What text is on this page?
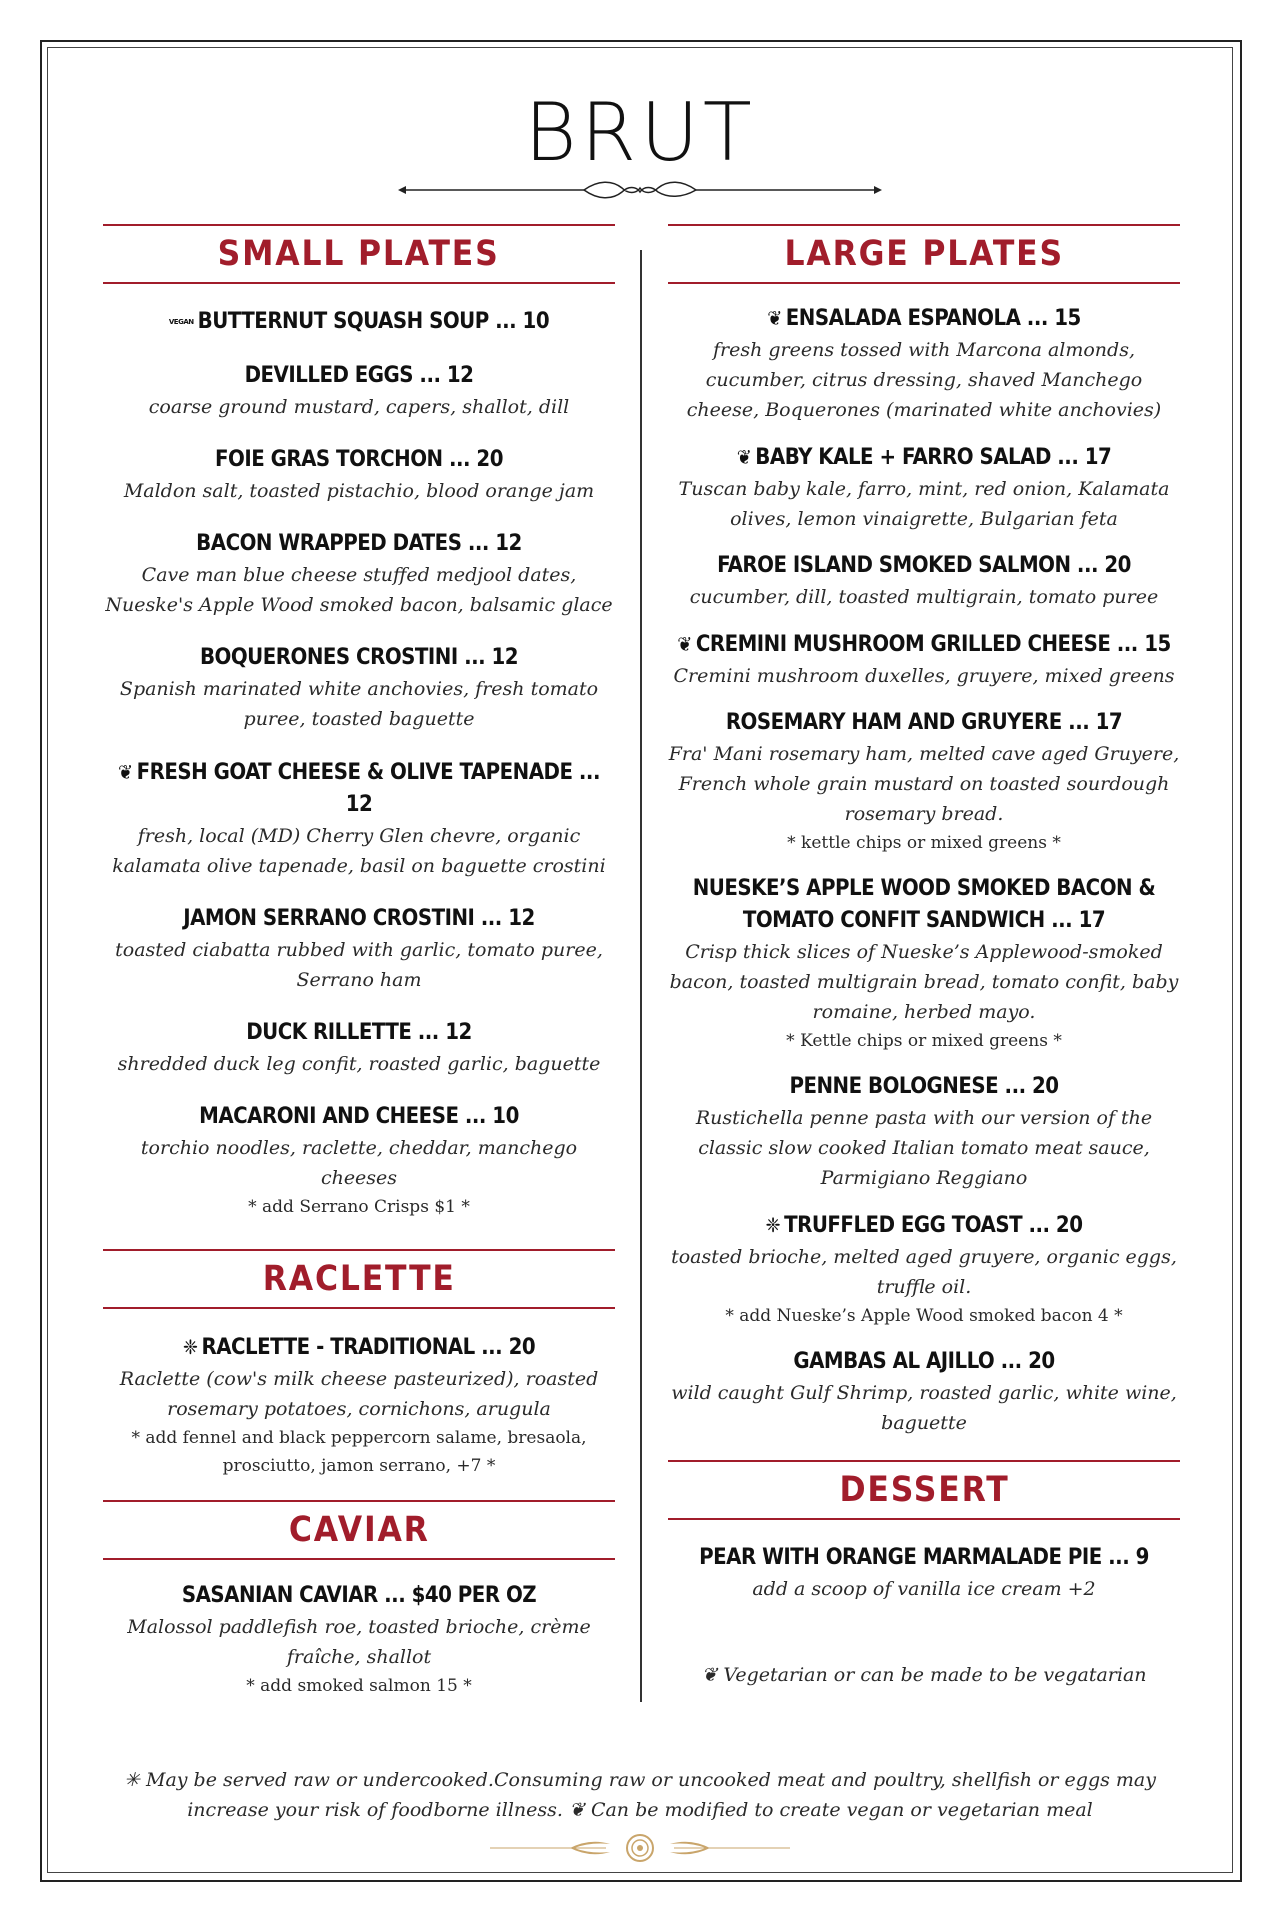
BRUT
SMALL PLATES
VEGAN BUTTERNUT SQUASH SOUP ... 10
DEVILLED EGGS ... 12
coarse ground mustard, capers, shallot, dill
FOIE GRAS TORCHON ... 20
Maldon salt, toasted pistachio, blood orange jam
BACON WRAPPED DATES ... 12
Cave man blue cheese stuffed medjool dates, Nueske's Apple Wood smoked bacon, balsamic glace
BOQUERONES CROSTINI ... 12
Spanish marinated white anchovies, fresh tomato puree, toasted baguette
❦ FRESH GOAT CHEESE & OLIVE TAPENADE ... 12
fresh, local (MD) Cherry Glen chevre, organic kalamata olive tapenade, basil on baguette crostini
JAMON SERRANO CROSTINI ... 12
toasted ciabatta rubbed with garlic, tomato puree, Serrano ham
DUCK RILLETTE ... 12
shredded duck leg confit, roasted garlic, baguette
MACARONI AND CHEESE ... 10
torchio noodles, raclette, cheddar, manchego cheeses
* add Serrano Crisps $1 *
RACLETTE
❈ RACLETTE - TRADITIONAL ... 20
Raclette (cow's milk cheese pasteurized), roasted rosemary potatoes, cornichons, arugula
* add fennel and black peppercorn salame, bresaola, prosciutto, jamon serrano, +7 *
CAVIAR
SASANIAN CAVIAR ... $40 PER OZ
Malossol paddlefish roe, toasted brioche, crème fraîche, shallot
* add smoked salmon 15 *
LARGE PLATES
❦ ENSALADA ESPANOLA ... 15
fresh greens tossed with Marcona almonds, cucumber, citrus dressing, shaved Manchego cheese, Boquerones (marinated white anchovies)
❦ BABY KALE + FARRO SALAD ... 17
Tuscan baby kale, farro, mint, red onion, Kalamata olives, lemon vinaigrette, Bulgarian feta
FAROE ISLAND SMOKED SALMON ... 20
cucumber, dill, toasted multigrain, tomato puree
❦ CREMINI MUSHROOM GRILLED CHEESE ... 15
Cremini mushroom duxelles, gruyere, mixed greens
ROSEMARY HAM AND GRUYERE ... 17
Fra' Mani rosemary ham, melted cave aged Gruyere, French whole grain mustard on toasted sourdough rosemary bread.
* kettle chips or mixed greens *
NUESKE’S APPLE WOOD SMOKED BACON & TOMATO CONFIT SANDWICH ... 17
Crisp thick slices of Nueske’s Applewood-smoked bacon, toasted multigrain bread, tomato confit, baby romaine, herbed mayo.
* Kettle chips or mixed greens *
PENNE BOLOGNESE ... 20
Rustichella penne pasta with our version of the classic slow cooked Italian tomato meat sauce, Parmigiano Reggiano
❈ TRUFFLED EGG TOAST ... 20
toasted brioche, melted aged gruyere, organic eggs, truffle oil.
* add Nueske’s Apple Wood smoked bacon 4 *
GAMBAS AL AJILLO ... 20
wild caught Gulf Shrimp, roasted garlic, white wine, baguette
DESSERT
PEAR WITH ORANGE MARMALADE PIE ... 9
add a scoop of vanilla ice cream +2
❦ Vegetarian or can be made to be vegatarian
✳ May be served raw or undercooked.Consuming raw or uncooked meat and poultry, shellfish or eggs may increase your risk of foodborne illness. ❦ Can be modified to create vegan or vegetarian meal
